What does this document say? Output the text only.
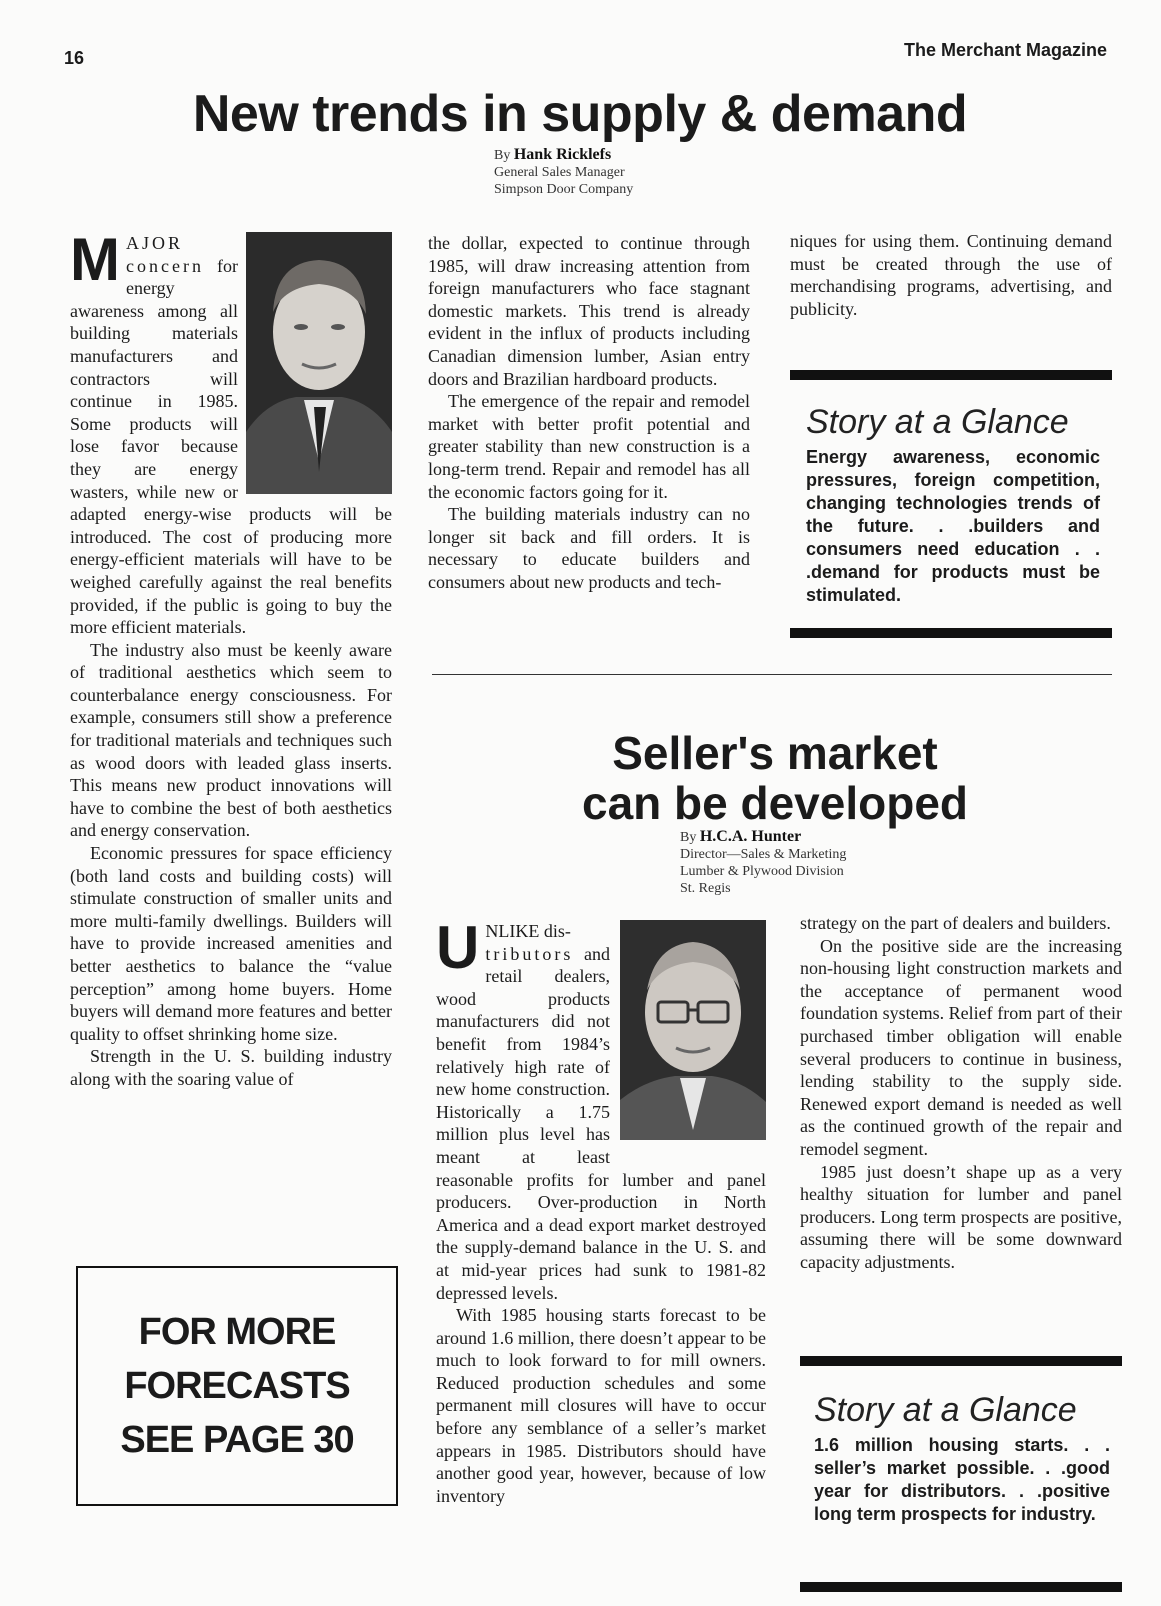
16	The Merchant Magazine
New trends in supply & demand
By Hank Ricklefs
General Sales Manager
Simpson Door Company

M AJOR
concern for energy awareness among all building materials manufacturers and contractors will continue in 1985. Some products will lose favor because they are energy wasters, while new or adapted energy-wise products will be introduced. The cost of producing more energy-efficient materials will have to be weighed carefully against the real benefits provided, if the public is going to buy the more efficient materials.

The industry also must be keenly aware of traditional aesthetics which seem to counterbalance energy consciousness. For example, consumers still show a preference for traditional materials and techniques such as wood doors with leaded glass inserts. This means new product innovations will have to combine the best of both aesthetics and energy conservation.

Economic pressures for space efficiency (both land costs and building costs) will stimulate construction of smaller units and more multi-family dwellings. Builders will have to provide increased amenities and better aesthetics to balance the “value perception” among home buyers. Home buyers will demand more features and better quality to offset shrinking home size.

Strength in the U. S. building industry along with the soaring value of

the dollar, expected to continue through 1985, will draw increasing attention from foreign manufacturers who face stagnant domestic markets. This trend is already evident in the influx of products including Canadian dimension lumber, Asian entry doors and Brazilian hardboard products.

The emergence of the repair and remodel market with better profit potential and greater stability than new construction is a long-term trend. Repair and remodel has all the economic factors going for it.

The building materials industry can no longer sit back and fill orders. It is necessary to educate builders and consumers about new products and tech-

niques for using them. Continuing demand must be created through the use of merchandising programs, advertising, and publicity.

Story at a Glance
Energy awareness, economic pressures, foreign competition, changing technologies trends of the future. . .builders and consumers need education . . .demand for products must be stimulated.
Seller's market
can be developed
By H.C.A. Hunter
Director—Sales & Marketing
Lumber & Plywood Division
St. Regis

U NLIKE dis-
tributors and retail dealers, wood products manufacturers did not benefit from 1984’s relatively high rate of new home construction. Historically a 1.75 million plus level has meant at least reasonable profits for lumber and panel producers. Over-production in North America and a dead export market destroyed the supply-demand balance in the U. S. and at mid-year prices had sunk to 1981-82 depressed levels.

With 1985 housing starts forecast to be around 1.6 million, there doesn’t appear to be much to look forward to for mill owners. Reduced production schedules and some permanent mill closures will have to occur before any semblance of a seller’s market appears in 1985. Distributors should have another good year, however, because of low inventory

strategy on the part of dealers and builders.

On the positive side are the increasing non-housing light construction markets and the acceptance of permanent wood foundation systems. Relief from part of their purchased timber obligation will enable several producers to continue in business, lending stability to the supply side. Renewed export demand is needed as well as the continued growth of the repair and remodel segment.

1985 just doesn’t shape up as a very healthy situation for lumber and panel producers. Long term prospects are positive, assuming there will be some downward capacity adjustments.

Story at a Glance
1.6 million housing starts. . . seller’s market possible. . .good year for distributors. . .positive long term prospects for industry.
FOR MORE
FORECASTS
SEE PAGE 30
